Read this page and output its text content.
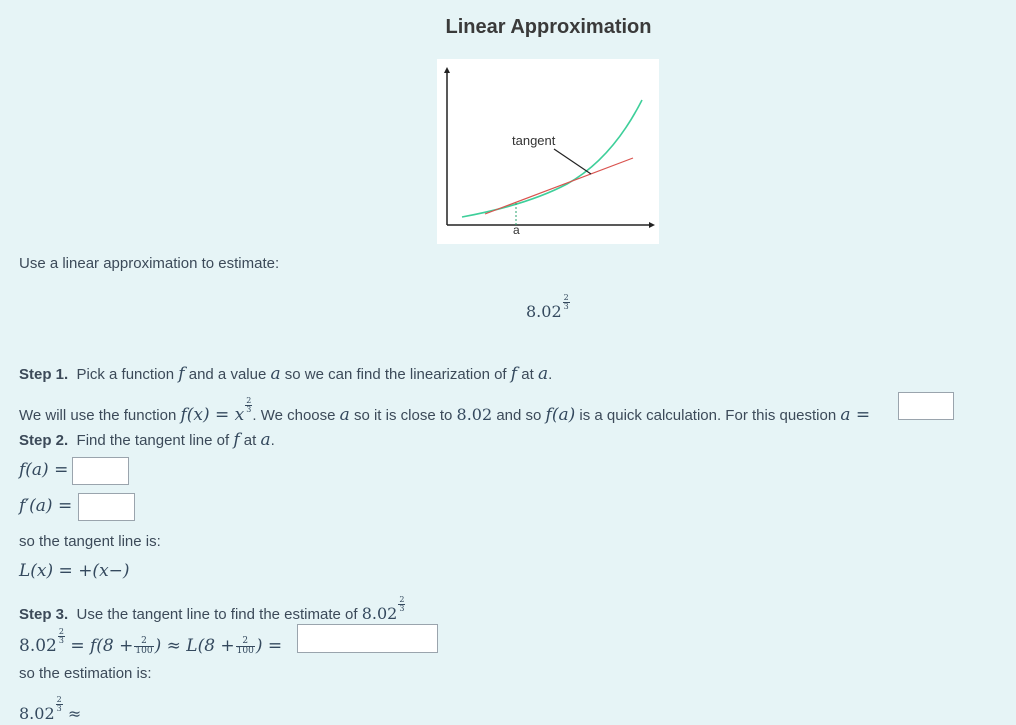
Linear Approximation
tangent
a
Use a linear approximation to estimate:
$8.02 \frac{2}{3}$
Step 1. Pick a function f and a value a so we can find the linearization of f at a.
We will use the function f(x) = x $\frac{2}{3}$
. We choose a so it is close to 8.02 and so f(a) is a quick calculation. For this question a =
Step 2. Find the tangent line of f at a.
f(a) =
f′(a) =
so the tangent line is:
L(x) = +(x−)
Step 3. Use the tangent line to find the estimate of $8.02 \frac{2}{3}$
$8.02 \frac{2}{3} = f(8 + \frac{2}{100}$ ) ≈ $L(8 + \frac{2}{100}$ ) =
so the estimation is:
$8.02 \frac{2}{3}$ ≈
